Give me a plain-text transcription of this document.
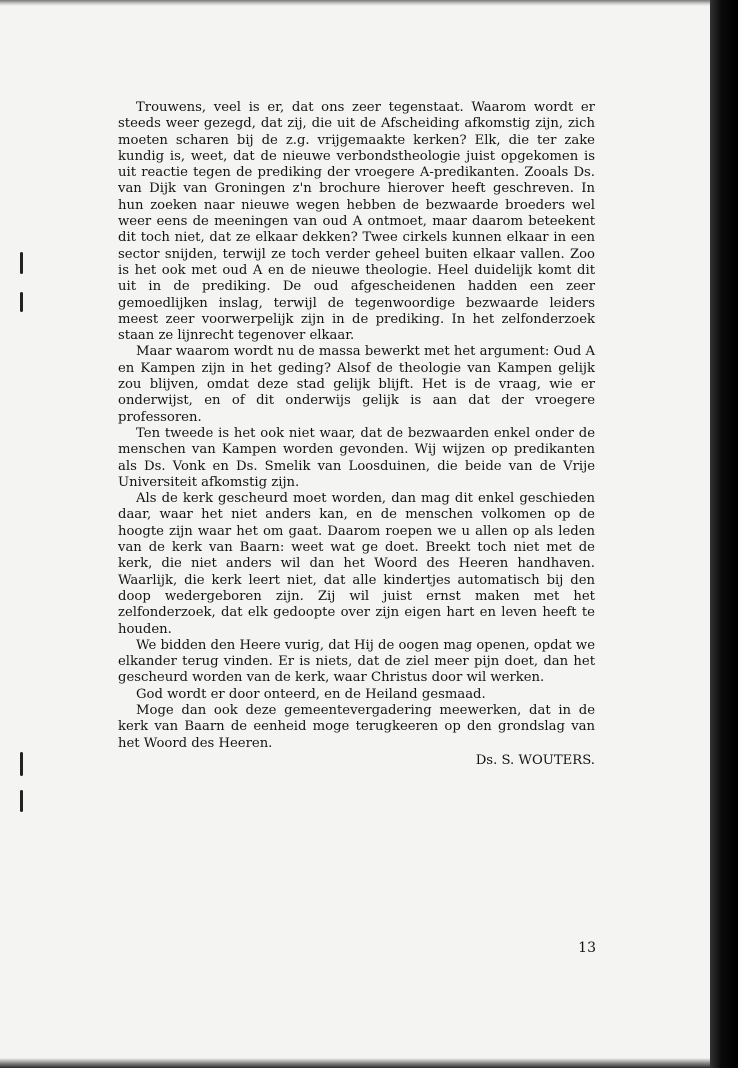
Trouwens, veel is er, dat ons zeer tegenstaat. Waarom wordt er steeds weer gezegd, dat zij, die uit de Afscheiding afkomstig zijn, zich moeten scharen bij de z.g. vrijgemaakte kerken? Elk, die ter zake kundig is, weet, dat de nieuwe verbondstheologie juist opgekomen is uit reactie tegen de prediking der vroegere A-predikanten. Zooals Ds. van Dijk van Groningen z'n brochure hierover heeft geschreven. In hun zoeken naar nieuwe wegen hebben de bezwaarde broeders wel weer eens de meeningen van oud A ontmoet, maar daarom beteekent dit toch niet, dat ze elkaar dekken? Twee cirkels kunnen elkaar in een sector snijden, terwijl ze toch verder geheel buiten elkaar vallen. Zoo is het ook met oud A en de nieuwe theologie. Heel duidelijk komt dit uit in de prediking. De oud afgescheidenen hadden een zeer gemoedlijken inslag, terwijl de tegenwoordige bezwaarde leiders meest zeer voorwerpelijk zijn in de prediking. In het zelfonderzoek staan ze lijnrecht tegenover elkaar.

Maar waarom wordt nu de massa bewerkt met het argument: Oud A en Kampen zijn in het geding? Alsof de theologie van Kampen gelijk zou blijven, omdat deze stad gelijk blijft. Het is de vraag, wie er onderwijst, en of dit onderwijs gelijk is aan dat der vroegere professoren.

Ten tweede is het ook niet waar, dat de bezwaarden enkel onder de menschen van Kampen worden gevonden. Wij wijzen op predikanten als Ds. Vonk en Ds. Smelik van Loosduinen, die beide van de Vrije Universiteit afkomstig zijn.

Als de kerk gescheurd moet worden, dan mag dit enkel geschieden daar, waar het niet anders kan, en de menschen volkomen op de hoogte zijn waar het om gaat. Daarom roepen we u allen op als leden van de kerk van Baarn: weet wat ge doet. Breekt toch niet met de kerk, die niet anders wil dan het Woord des Heeren handhaven. Waarlijk, die kerk leert niet, dat alle kindertjes automatisch bij den doop wedergeboren zijn. Zij wil juist ernst maken met het zelfonderzoek, dat elk gedoopte over zijn eigen hart en leven heeft te houden.

We bidden den Heere vurig, dat Hij de oogen mag openen, opdat we elkander terug vinden. Er is niets, dat de ziel meer pijn doet, dan het gescheurd worden van de kerk, waar Christus door wil werken.

God wordt er door onteerd, en de Heiland gesmaad.

Moge dan ook deze gemeentevergadering meewerken, dat in de kerk van Baarn de eenheid moge terugkeeren op den grondslag van het Woord des Heeren.

Ds. S. WOUTERS.
13
